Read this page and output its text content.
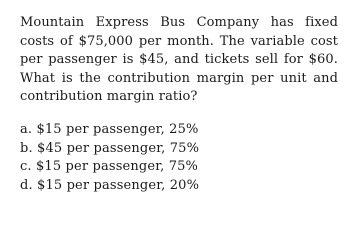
Mountain Express Bus Company has fixed
costs of $75,000 per month. The variable cost
per passenger is $45, and tickets sell for $60.
What is the contribution margin per unit and
contribution margin ratio?
a. $15 per passenger, 25%
b. $45 per passenger, 75%
c. $15 per passenger, 75%
d. $15 per passenger, 20%
